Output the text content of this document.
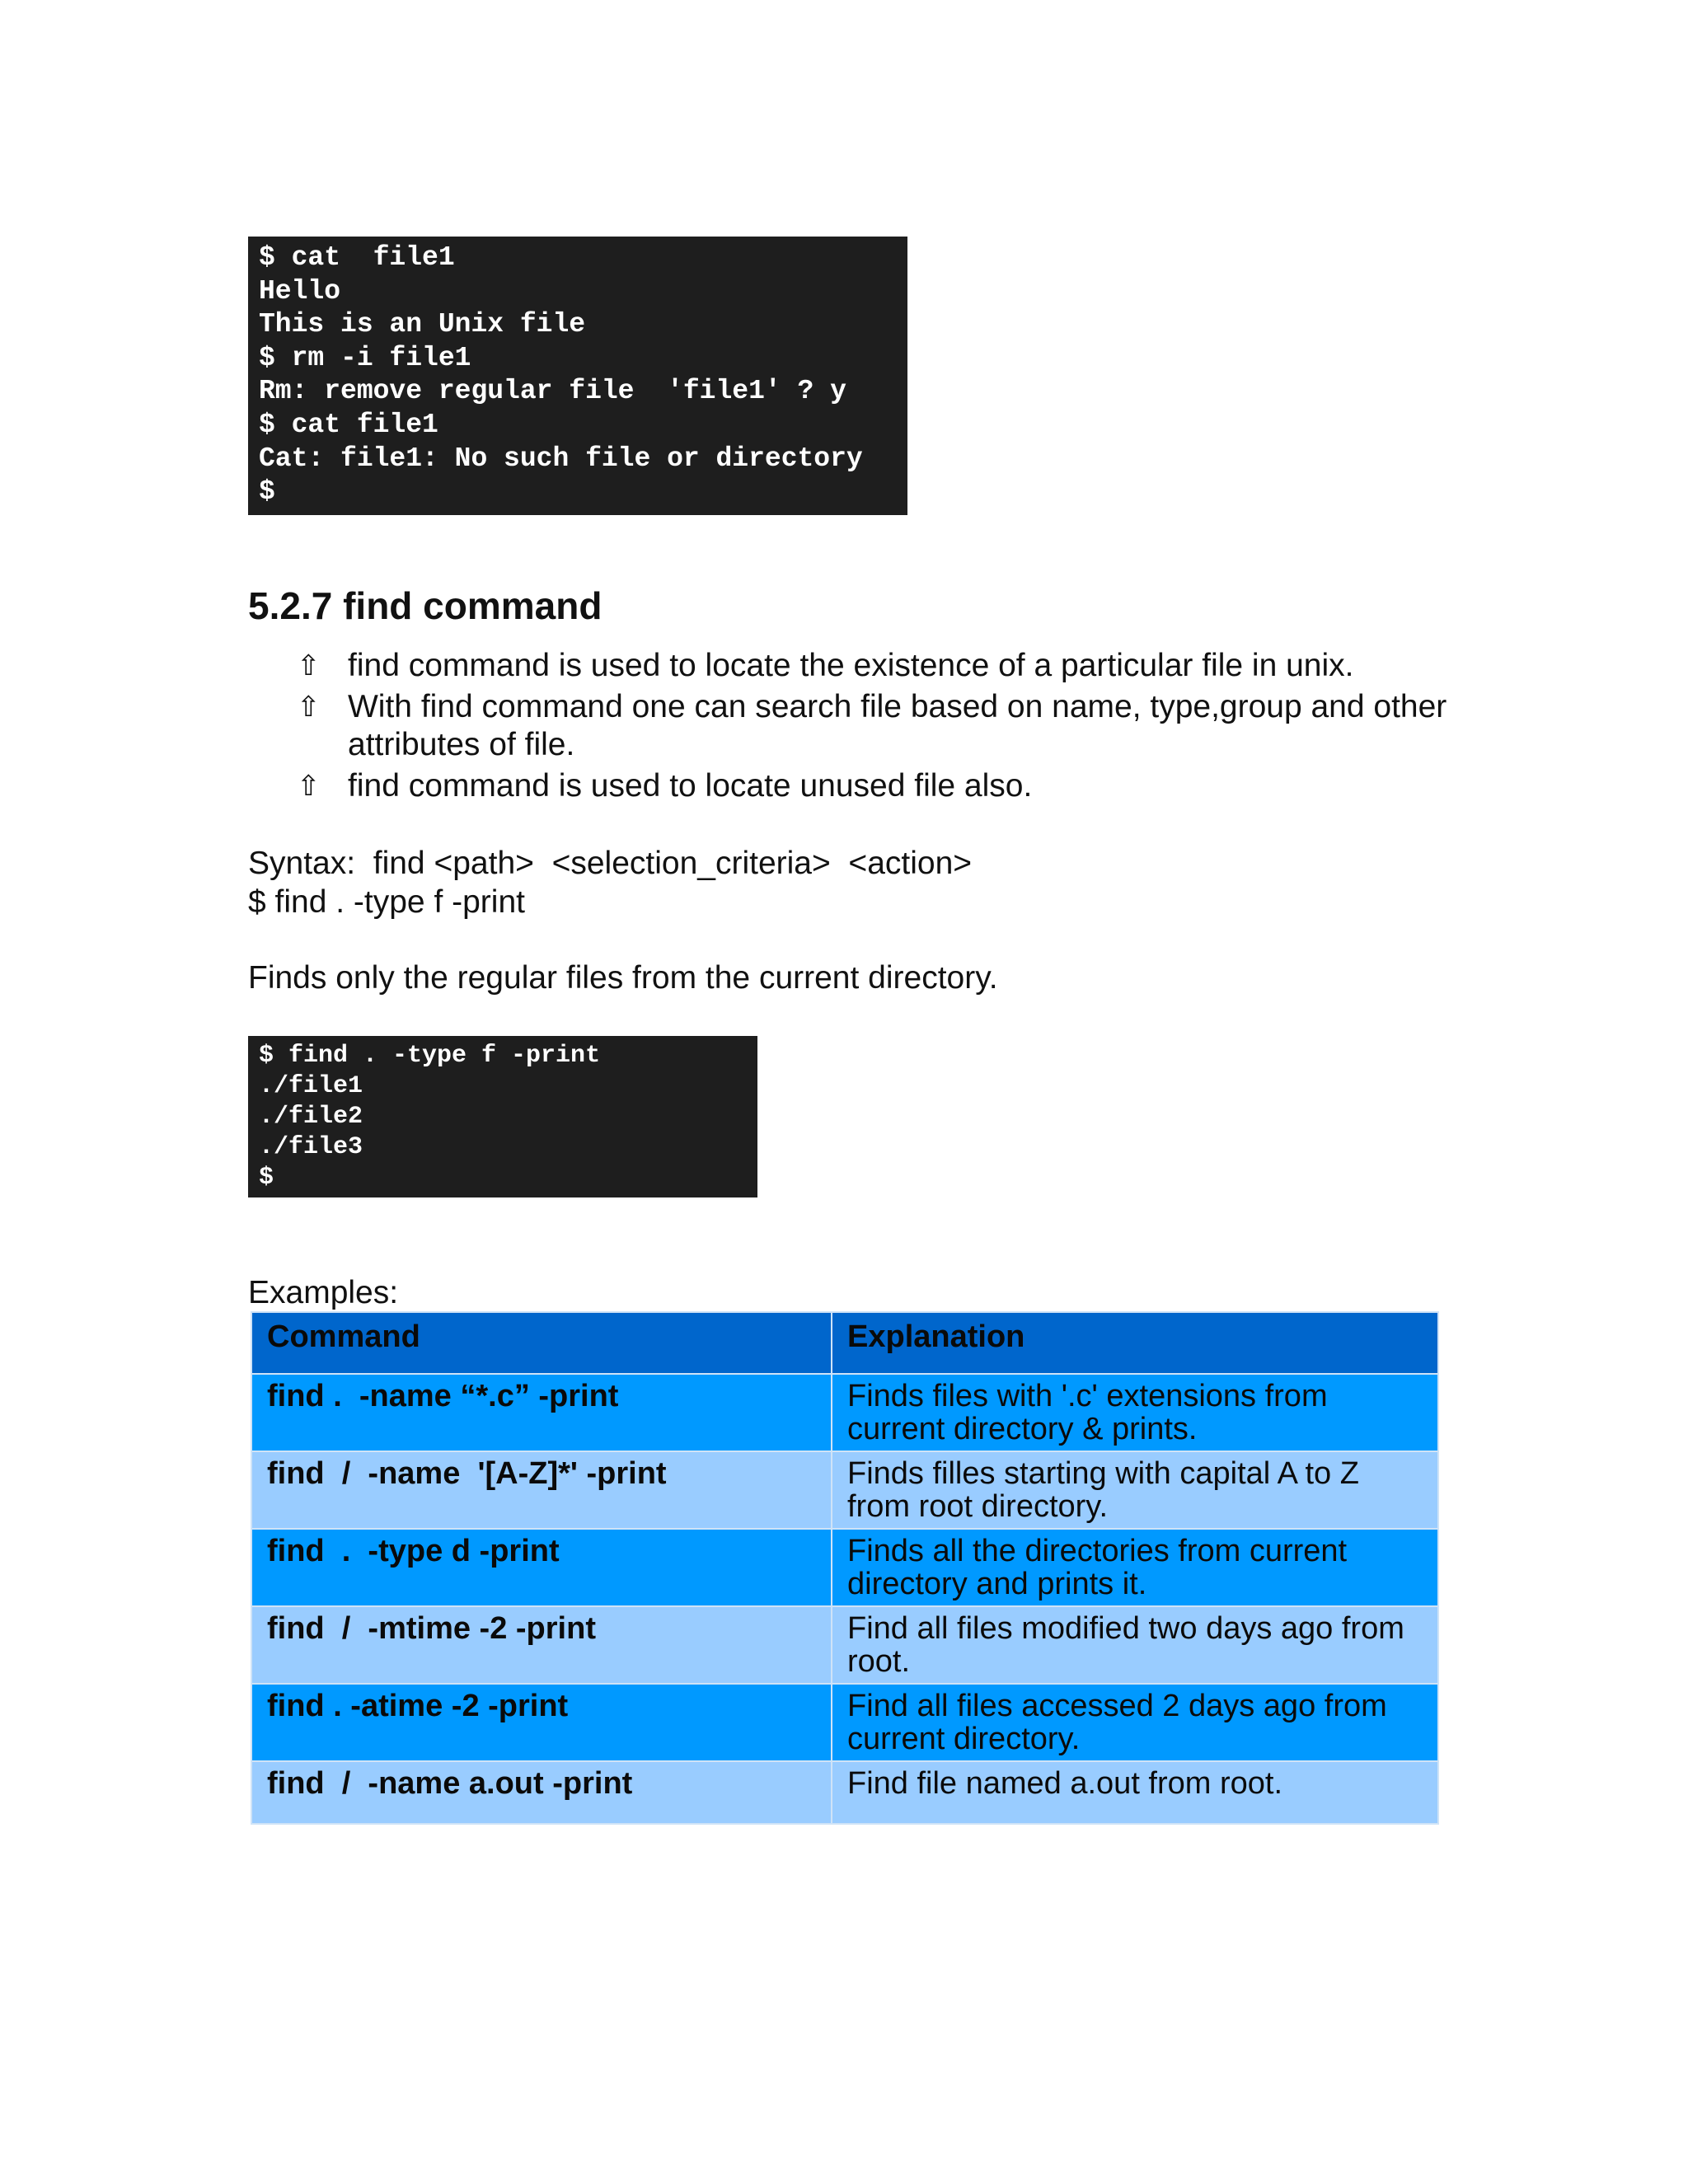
$ cat  file1
Hello
This is an Unix file
$ rm -i file1
Rm: remove regular file  'file1' ? y
$ cat file1
Cat: file1: No such file or directory
$
5.2.7 find command
⇧ find command is used to locate the existence of a particular file in unix.
⇧ With find command one can search file based on name, type,group and other attributes of file.
⇧ find command is used to locate unused file also.

Syntax:  find <path>  <selection_criteria>  <action>

$ find . -type f -print

Finds only the regular files from the current directory.

$ find . -type f -print
./file1
./file2
./file3
$

Examples:

Command	Explanation
find .  -name “*.c” -print	Finds files with '.c' extensions from current directory & prints.
find  /  -name  '[A-Z]*' -print	Finds filles starting with capital A to Z from root directory.
find  .  -type d -print	Finds all the directories from current directory and prints it.
find  /  -mtime -2 -print	Find all files modified two days ago from root.
find . -atime -2 -print	Find all files accessed 2 days ago from current directory.
find  /  -name a.out -print	Find file named a.out from root.
